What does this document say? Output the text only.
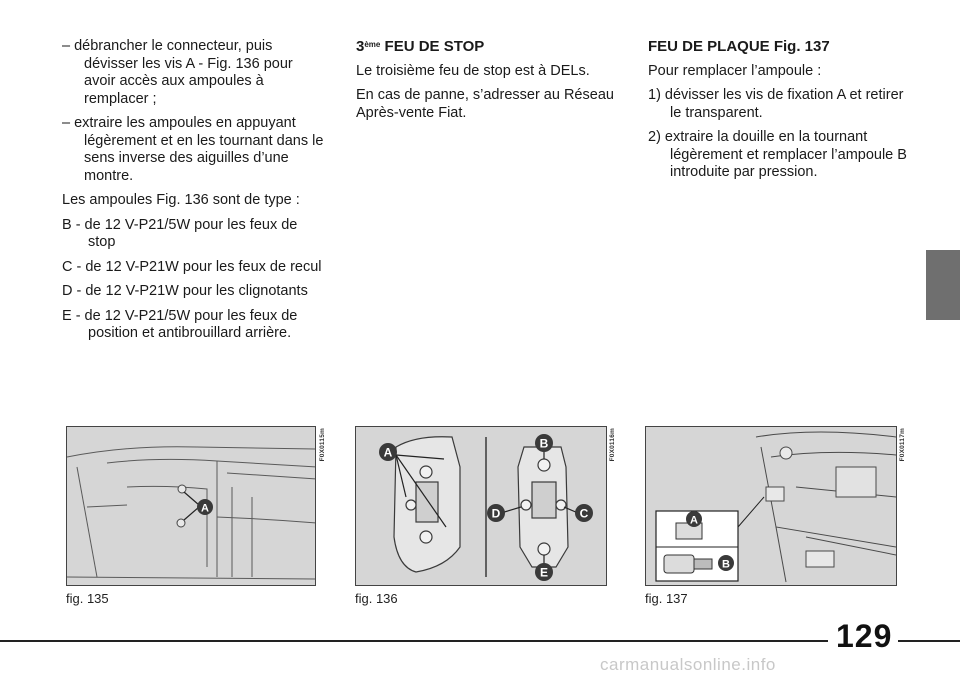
– débrancher le connecteur, puis dévisser les vis A - Fig. 136 pour avoir accès aux ampoules à remplacer ;

– extraire les ampoules en appuyant légèrement et en les tournant dans le sens inverse des aiguilles d’une montre.

Les ampoules Fig. 136 sont de type :

B - de 12 V-P21/5W pour les feux de stop

C - de 12 V-P21W pour les feux de recul

D - de 12 V-P21W pour les clignotants

E - de 12 V-P21/5W pour les feux de position et antibrouillard arrière.

3ème FEU DE STOP

Le troisième feu de stop est à DELs.

En cas de panne, s’adresser au Réseau Après-vente Fiat.

FEU DE PLAQUE Fig. 137

Pour remplacer l’ampoule :

1) dévisser les vis de fixation A et retirer le transparent.

2) extraire la douille en la tournant légèrement et remplacer l’ampoule B introduite par pression.

A
F0X0115m
fig. 135
A
B
C
D
E
F0X0116m
fig. 136
A
B
F0X0117m
fig. 137
129
carmanualsonline.info
